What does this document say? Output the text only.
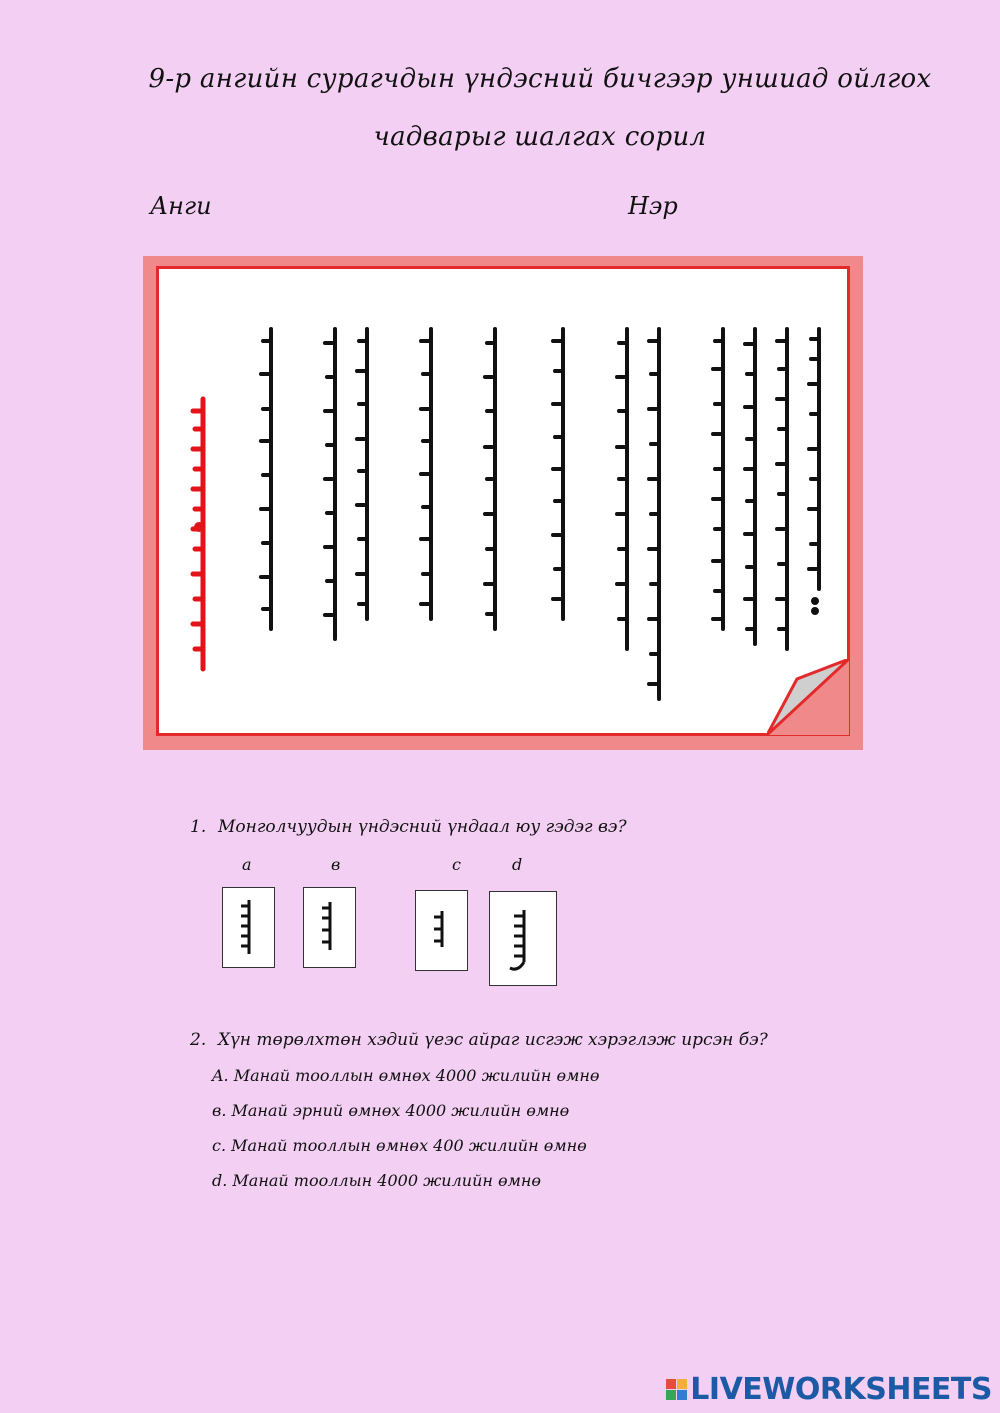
9-р ангийн сурагчдын үндэсний бичгээр уншиад ойлгох
чадварыг шалгах сорил
Анги	Нэр
1. Монголчуудын үндэсний үндаал юу гэдэг вэ?
a	в	c	d
2. Хүн төрөлхтөн хэдий үеэс айраг исгэж хэрэглэж ирсэн бэ?
A. Манай тооллын өмнөх 4000 жилийн өмнө
в. Манай эрний өмнөх 4000 жилийн өмнө
c. Манай тооллын өмнөх 400 жилийн өмнө
d. Манай тооллын 4000 жилийн өмнө
LIVEWORKSHEETS
